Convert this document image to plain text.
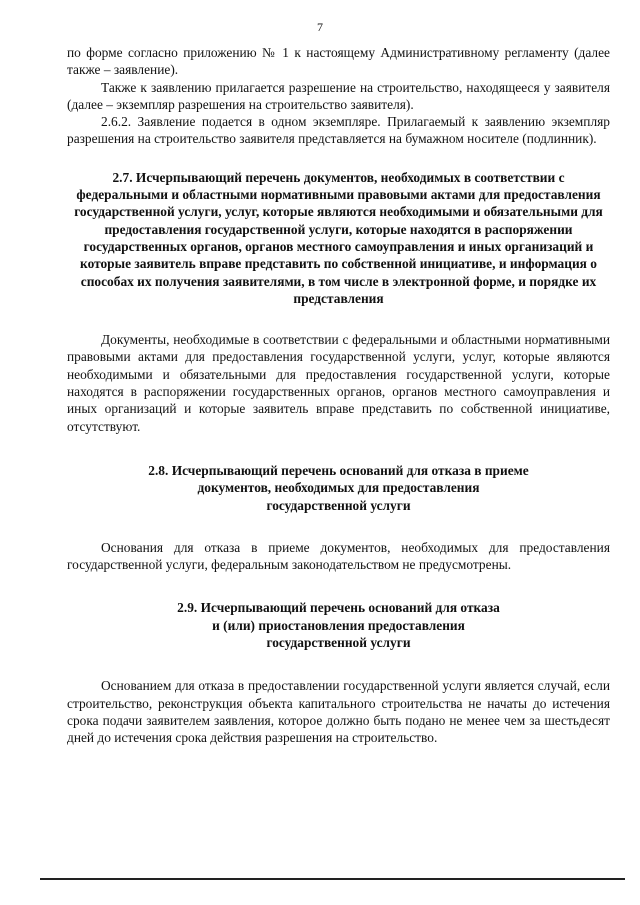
7

по форме согласно приложению № 1 к настоящему Административному регламенту (далее также – заявление).

Также к заявлению прилагается разрешение на строительство, находящееся у заявителя (далее – экземпляр разрешения на строительство заявителя).

2.6.2. Заявление подается в одном экземпляре. Прилагаемый к заявлению экземпляр разрешения на строительство заявителя представляется на бумажном носителе (подлинник).

2.7. Исчерпывающий перечень документов, необходимых в соответствии с федеральными и областными нормативными правовыми актами для предоставления государственной услуги, услуг, которые являются необходимыми и обязательными для предоставления государственной услуги, которые находятся в распоряжении государственных органов, органов местного самоуправления и иных организаций и которые заявитель вправе представить по собственной инициативе, и информация о способах их получения заявителями, в том числе в электронной форме, и порядке их представления

Документы, необходимые в соответствии с федеральными и областными нормативными правовыми актами для предоставления государственной услуги, услуг, которые являются необходимыми и обязательными для предоставления государственной услуги, которые находятся в распоряжении государственных органов, органов местного самоуправления и иных организаций и которые заявитель вправе представить по собственной инициативе, отсутствуют.

2.8. Исчерпывающий перечень оснований для отказа в приеме
документов, необходимых для предоставления
государственной услуги

Основания для отказа в приеме документов, необходимых для предоставления государственной услуги, федеральным законодательством не предусмотрены.

2.9. Исчерпывающий перечень оснований для отказа
и (или) приостановления предоставления
государственной услуги

Основанием для отказа в предоставлении государственной услуги является случай, если строительство, реконструкция объекта капитального строительства не начаты до истечения срока подачи заявителем заявления, которое должно быть подано не менее чем за шестьдесят дней до истечения срока действия разрешения на строительство.
